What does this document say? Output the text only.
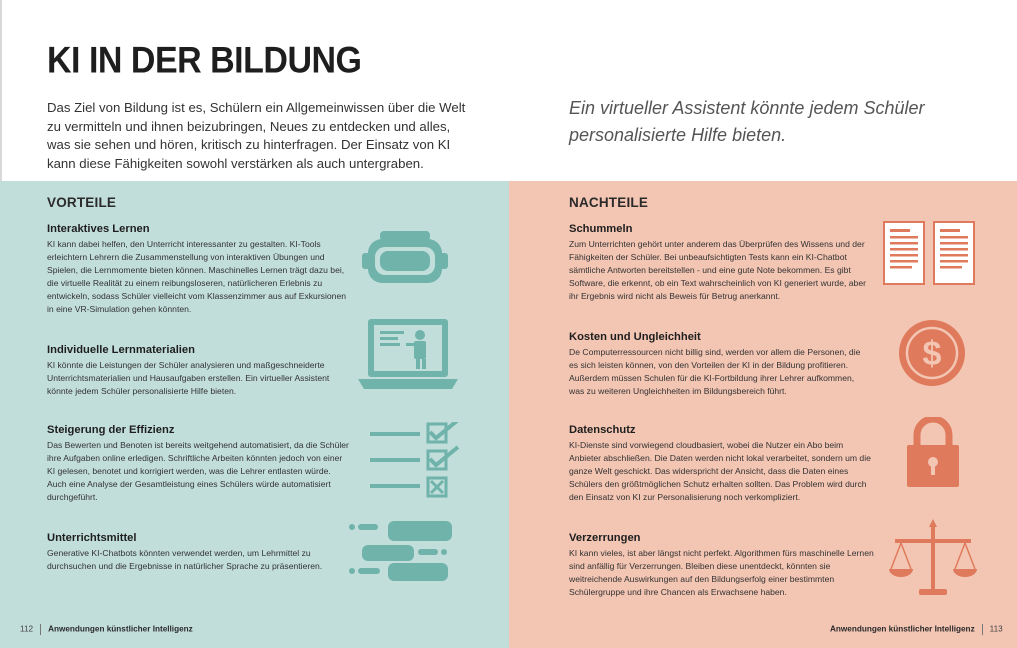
KI IN DER BILDUNG
Das Ziel von Bildung ist es, Schülern ein Allgemeinwissen über die Welt zu vermitteln und ihnen beizubringen, Neues zu entdecken und alles, was sie sehen und hören, kritisch zu hinterfragen. Der Einsatz von KI kann diese Fähigkeiten sowohl verstärken als auch untergraben.
Ein virtueller Assistent könnte jedem Schüler personalisierte Hilfe bieten.
VORTEILE
Interaktives Lernen

KI kann dabei helfen, den Unterricht interessanter zu gestalten. KI-Tools erleichtern Lehrern die Zusammenstellung von interaktiven Übungen und Spielen, die Lernmomente bieten können. Maschinelles Lernen trägt dazu bei, die virtuelle Realität zu einem reibungsloseren, natürlicheren Erlebnis zu entwickeln, sodass Schüler vielleicht vom Klassenzimmer aus auf Exkursionen in eine VR-Simulation gehen könnten.

Individuelle Lernmaterialien

KI könnte die Leistungen der Schüler analysieren und maßgeschneiderte Unterrichtsmaterialien und Hausaufgaben erstellen. Ein virtueller Assistent könnte jedem Schüler personalisierte Hilfe bieten.

Steigerung der Effizienz

Das Bewerten und Benoten ist bereits weitgehend automatisiert, da die Schüler ihre Aufgaben online erledigen. Schriftliche Arbeiten könnten jedoch von einer KI gelesen, benotet und korrigiert werden, was die Lehrer entlasten würde. Auch eine Analyse der Gesamtleistung eines Schülers würde automatisiert durchgeführt.

Unterrichtsmittel

Generative KI-Chatbots könnten verwendet werden, um Lehrmittel zu durchsuchen und die Ergebnisse in natürlicher Sprache zu präsentieren.

112 Anwendungen künstlicher Intelligenz
NACHTEILE
Schummeln

Zum Unterrichten gehört unter anderem das Überprüfen des Wissens und der Fähigkeiten der Schüler. Bei unbeaufsichtigten Tests kann ein KI-Chatbot sämtliche Antworten bereitstellen - und eine gute Note bekommen. Es gibt Software, die erkennt, ob ein Text wahrscheinlich von KI generiert wurde, aber ihr Ergebnis wird nicht als Beweis für Betrug anerkannt.

Kosten und Ungleichheit

De Computerressourcen nicht billig sind, werden vor allem die Personen, die es sich leisten können, von den Vorteilen der KI in der Bildung profitieren. Außerdem müssen Schulen für die KI-Fortbildung ihrer Lehrer aufkommen, was zu weiteren Ungleichheiten im Bildungsbereich führt.

Datenschutz

KI-Dienste sind vorwiegend cloudbasiert, wobei die Nutzer ein Abo beim Anbieter abschließen. Die Daten werden nicht lokal verarbeitet, sondern um die ganze Welt geschickt. Das widerspricht der Ansicht, dass die Daten eines Schülers den größtmöglichen Schutz erhalten sollten. Das Problem wird durch den Einsatz von KI zur Personalisierung noch verkompliziert.

Verzerrungen

KI kann vieles, ist aber längst nicht perfekt. Algorithmen fürs maschinelle Lernen sind anfällig für Verzerrungen. Bleiben diese unentdeckt, könnten sie weitreichende Auswirkungen auf den Bildungserfolg einer bestimmten Schülergruppe und ihre Chancen als Erwachsene haben.

$
Anwendungen künstlicher Intelligenz 113
